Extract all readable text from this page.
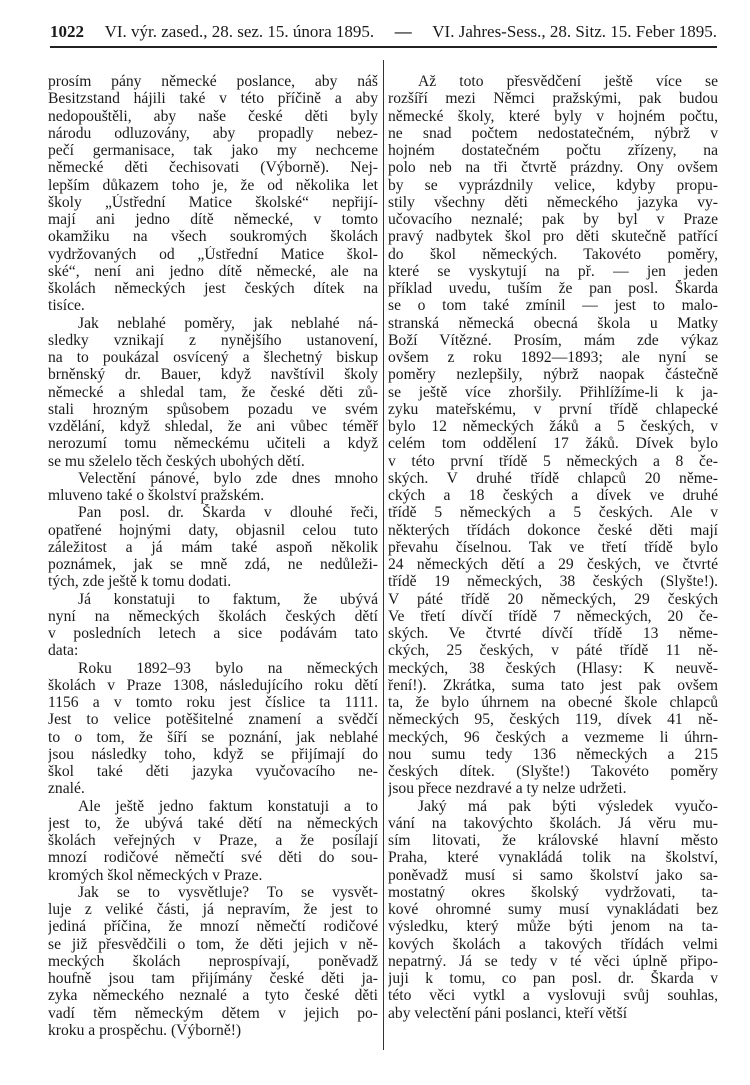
1022 VI. výr. zased., 28. sez. 15. února 1895. — VI. Jahres-Sess., 28. Sitz. 15. Feber 1895.
prosím pány německé poslance, aby náš
Besitzstand hájili také v této příčině a aby
nedopouštěli, aby naše české děti byly
národu odluzovány, aby propadly nebez-
pečí germanisace, tak jako my nechceme
německé děti čechisovati (Výborně). Nej-
lepším důkazem toho je, že od několika let
školy „Ústřední Matice školské“ nepřijí-
mají ani jedno dítě německé, v tomto
okamžiku na všech soukromých školách
vydržovaných od „Ústřední Matice škol-
ské“, není ani jedno dítě německé, ale na
školách německých jest českých dítek na
tisíce.
Jak neblahé poměry, jak neblahé ná-
sledky vznikají z nynějšího ustanovení,
na to poukázal osvícený a šlechetný biskup
brněnský dr. Bauer, když navštívil školy
německé a shledal tam, že české děti zů-
stali hrozným spůsobem pozadu ve svém
vzdělání, když shledal, že ani vůbec téměř
nerozumí tomu německému učiteli a když
se mu sželelo těch českých ubohých dětí.
Velectění pánové, bylo zde dnes mnoho
mluveno také o školství pražském.
Pan posl. dr. Škarda v dlouhé řeči,
opatřené hojnými daty, objasnil celou tuto
záležitost a já mám také aspoň několik
poznámek, jak se mně zdá, ne nedůleži-
tých, zde ještě k tomu dodati.
Já konstatuji to faktum, že ubývá
nyní na německých školách českých dětí
v posledních letech a sice podávám tato
data:
Roku 1892–93 bylo na německých
školách v Praze 1308, následujícího roku dětí
1156 a v tomto roku jest číslice ta 1111.
Jest to velice potěšitelné znamení a svědčí
to o tom, že šíří se poznání, jak neblahé
jsou následky toho, když se přijímají do
škol také děti jazyka vyučovacího ne-
znalé.
Ale ještě jedno faktum konstatuji a to
jest to, že ubývá také dětí na německých
školách veřejných v Praze, a že posílají
mnozí rodičové němečtí své děti do sou-
kromých škol německých v Praze.
Jak se to vysvětluje? To se vysvět-
luje z veliké části, já nepravím, že jest to
jediná příčina, že mnozí němečtí rodičové
se již přesvědčili o tom, že děti jejich v ně-
meckých školách neprospívají, poněvadž
houfně jsou tam přijímány české děti ja-
zyka německého neznalé a tyto české děti
vadí těm německým dětem v jejich po-
kroku a prospěchu. (Výborně!)
Až toto přesvědčení ještě více se
rozšíří mezi Němci pražskými, pak budou
německé školy, které byly v hojném počtu,
ne snad počtem nedostatečném, nýbrž v
hojném dostatečném počtu zřízeny, na
polo neb na tři čtvrtě prázdny. Ony ovšem
by se vyprázdnily velice, kdyby propu-
stily všechny děti německého jazyka vy-
učovacího neznalé; pak by byl v Praze
pravý nadbytek škol pro děti skutečně patřící
do škol německých. Takovéto poměry,
které se vyskytují na př. — jen jeden
příklad uvedu, tuším že pan posl. Škarda
se o tom také zmínil — jest to malo-
stranská německá obecná škola u Matky
Boží Vítězné. Prosím, mám zde výkaz
ovšem z roku 1892—1893; ale nyní se
poměry nezlepšily, nýbrž naopak částečně
se ještě více zhoršily. Přihlížíme-li k ja-
zyku mateřskému, v první třídě chlapecké
bylo 12 německých žáků a 5 českých, v
celém tom oddělení 17 žáků. Dívek bylo
v této první třídě 5 německých a 8 če-
ských. V druhé třídě chlapců 20 něme-
ckých a 18 českých a dívek ve druhé
třídě 5 německých a 5 českých. Ale v
některých třídách dokonce české děti mají
převahu číselnou. Tak ve třetí třídě bylo
24 německých dětí a 29 českých, ve čtvrté
třídě 19 německých, 38 českých (Slyšte!).
V páté třídě 20 německých, 29 českých
Ve třetí dívčí třídě 7 německých, 20 če-
ských. Ve čtvrté dívčí třídě 13 něme-
ckých, 25 českých, v páté třídě 11 ně-
meckých, 38 českých (Hlasy: K neuvě-
ření!). Zkrátka, suma tato jest pak ovšem
ta, že bylo úhrnem na obecné škole chlapců
německých 95, českých 119, dívek 41 ně-
meckých, 96 českých a vezmeme li úhrn-
nou sumu tedy 136 německých a 215
českých dítek. (Slyšte!) Takovéto poměry
jsou přece nezdravé a ty nelze udržeti.
Jaký má pak býti výsledek vyučo-
vání na takovýchto školách. Já věru mu-
sím litovati, že královské hlavní město
Praha, které vynakládá tolik na školství,
poněvadž musí si samo školství jako sa-
mostatný okres školský vydržovati, ta-
kové ohromné sumy musí vynakládati bez
výsledku, který může býti jenom na ta-
kových školách a takových třídách velmi
nepatrný. Já se tedy v té věci úplně připo-
juji k tomu, co pan posl. dr. Škarda v
této věci vytkl a vyslovuji svůj souhlas,
aby velectění páni poslanci, kteří větší
